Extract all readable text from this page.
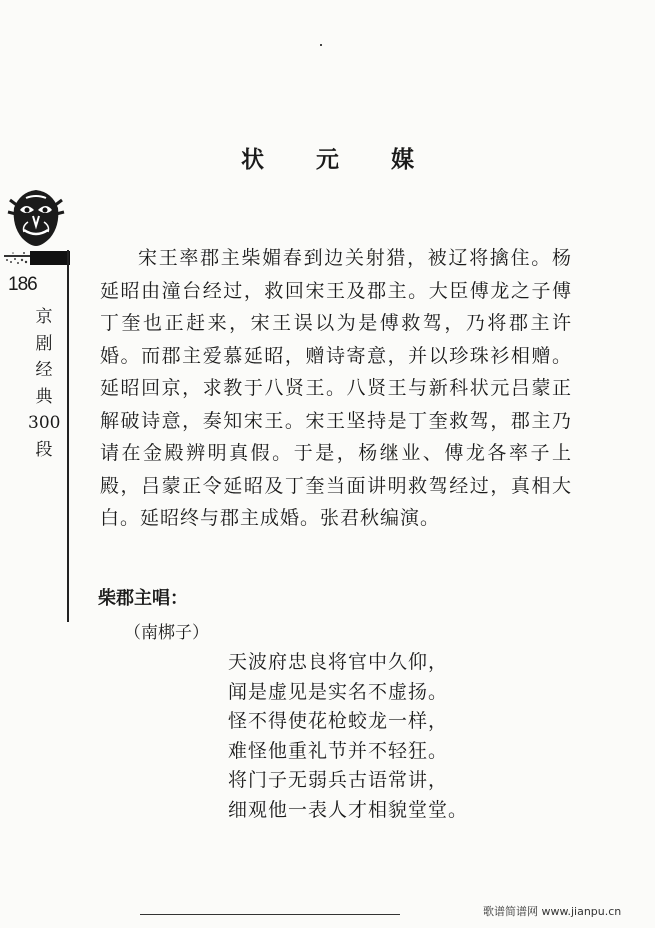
状 元 媒
186
京
剧
经
典
300
段

宋王率郡主柴媚春到边关射猎，被辽将擒住。杨延昭由潼台经过，救回宋王及郡主。大臣傅龙之子傅丁奎也正赶来，宋王误以为是傅救驾，乃将郡主许婚。而郡主爱慕延昭，赠诗寄意，并以珍珠衫相赠。延昭回京，求教于八贤王。八贤王与新科状元吕蒙正解破诗意，奏知宋王。宋王坚持是丁奎救驾，郡主乃请在金殿辨明真假。于是，杨继业、傅龙各率子上殿，吕蒙正令延昭及丁奎当面讲明救驾经过，真相大白。延昭终与郡主成婚。张君秋编演。

柴郡主唱：
（南梆子）
天波府忠良将官中久仰，
闻是虚见是实名不虚扬。
怪不得使花枪蛟龙一样，
难怪他重礼节并不轻狂。
将门子无弱兵古语常讲，
细观他一表人才相貌堂堂。
歌谱简谱网 www.jianpu.cn
